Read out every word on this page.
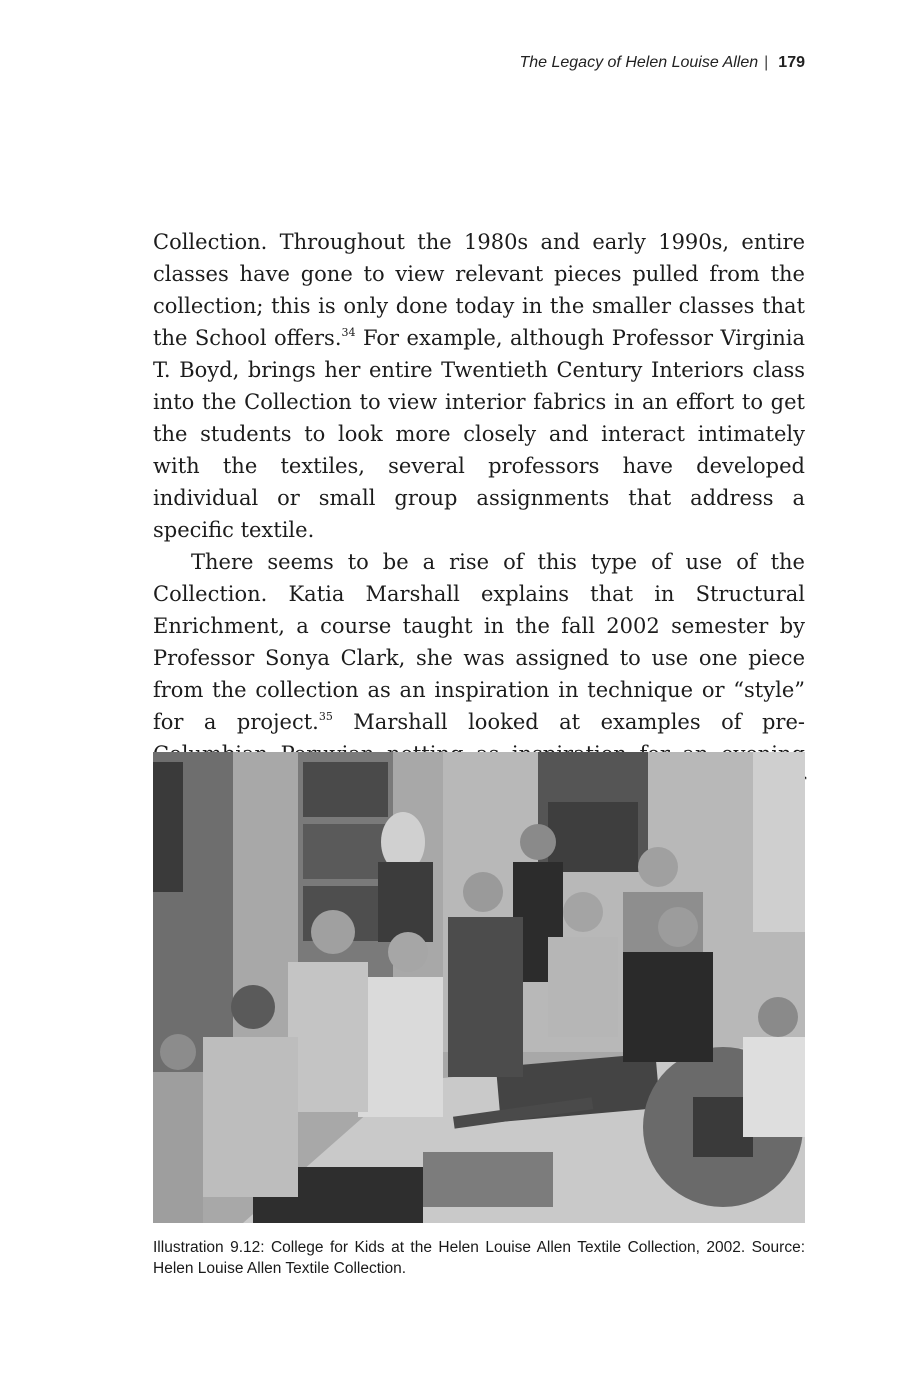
The Legacy of Helen Louise Allen | 179

Collection. Throughout the 1980s and early 1990s, entire classes have gone to view relevant pieces pulled from the collection; this is only done today in the smaller classes that the School offers.$^{34}$ For example, although Professor Virginia T. Boyd, brings her entire Twentieth Century Interiors class into the Collection to view interior fabrics in an effort to get the students to look more closely and interact intimately with the textiles, several professors have developed individual or small group assignments that address a specific textile.

There seems to be a rise of this type of use of the Collection. Katia Marshall explains that in Structural Enrichment, a course taught in the fall 2002 semester by Professor Sonya Clark, she was assigned to use one piece from the collection as an inspiration in technique or “style” for a project.$^{35}$ Marshall looked at examples of pre-

Illustration 9.12: College for Kids at the Helen Louise Allen Textile Collection, 2002. Source: Helen Louise Allen Textile Collection.
